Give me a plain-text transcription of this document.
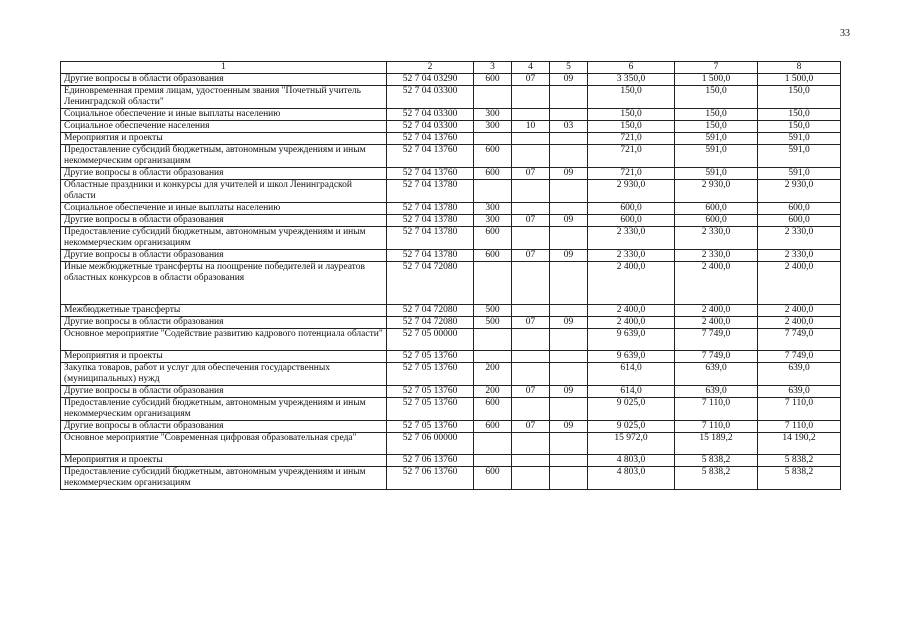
33
1	2	3	4	5	6	7	8
Другие вопросы в области образования	52 7 04 03290	600	07	09	3 350,0	1 500,0	1 500,0
Единовременная премия лицам, удостоенным звания "Почетный учитель Ленинградской области"	52 7 04 03300				150,0	150,0	150,0
Социальное обеспечение и иные выплаты населению	52 7 04 03300	300			150,0	150,0	150,0
Социальное обеспечение населения	52 7 04 03300	300	10	03	150,0	150,0	150,0
Мероприятия и проекты	52 7 04 13760				721,0	591,0	591,0
Предоставление субсидий бюджетным, автономным учреждениям и иным некоммерческим организациям	52 7 04 13760	600			721,0	591,0	591,0
Другие вопросы в области образования	52 7 04 13760	600	07	09	721,0	591,0	591,0
Областные праздники и конкурсы для учителей и школ Ленинградской области	52 7 04 13780				2 930,0	2 930,0	2 930,0
Социальное обеспечение и иные выплаты населению	52 7 04 13780	300			600,0	600,0	600,0
Другие вопросы в области образования	52 7 04 13780	300	07	09	600,0	600,0	600,0
Предоставление субсидий бюджетным, автономным учреждениям и иным некоммерческим организациям	52 7 04 13780	600			2 330,0	2 330,0	2 330,0
Другие вопросы в области образования	52 7 04 13780	600	07	09	2 330,0	2 330,0	2 330,0
Иные межбюджетные трансферты на поощрение победителей и лауреатов областных конкурсов в области образования	52 7 04 72080				2 400,0	2 400,0	2 400,0
Межбюджетные трансферты	52 7 04 72080	500			2 400,0	2 400,0	2 400,0
Другие вопросы в области образования	52 7 04 72080	500	07	09	2 400,0	2 400,0	2 400,0
Основное мероприятие "Содействие развитию кадрового потенциала области"	52 7 05 00000				9 639,0	7 749,0	7 749,0
Мероприятия и проекты	52 7 05 13760				9 639,0	7 749,0	7 749,0
Закупка товаров, работ и услуг для обеспечения государственных (муниципальных) нужд	52 7 05 13760	200			614,0	639,0	639,0
Другие вопросы в области образования	52 7 05 13760	200	07	09	614,0	639,0	639,0
Предоставление субсидий бюджетным, автономным учреждениям и иным некоммерческим организациям	52 7 05 13760	600			9 025,0	7 110,0	7 110,0
Другие вопросы в области образования	52 7 05 13760	600	07	09	9 025,0	7 110,0	7 110,0
Основное мероприятие "Современная цифровая образовательная среда"	52 7 06 00000				15 972,0	15 189,2	14 190,2
Мероприятия и проекты	52 7 06 13760				4 803,0	5 838,2	5 838,2
Предоставление субсидий бюджетным, автономным учреждениям и иным некоммерческим организациям	52 7 06 13760	600			4 803,0	5 838,2	5 838,2
